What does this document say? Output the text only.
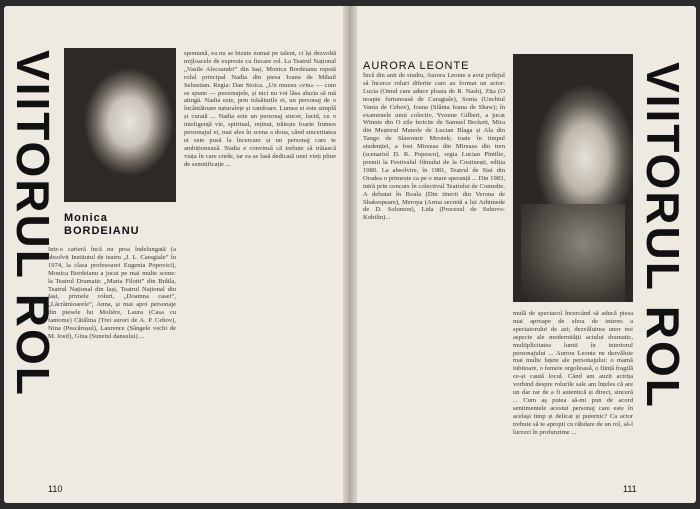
VIITORUL ROL Monica
BORDEIANU

Intr-o carieră încă nu prea îndelungată (a absolvit Institutul de teatru „I. L. Caragiale” în 1974, la clasa profesoarei Eugenia Popovici), Monica Bordeianu a jucat pe mai multe scene: la Teatrul Dramatic „Maria Filotti” din Brăila, Teatrul Național din Iași, Teatrul Național din Iași, primele roluri, „Doamna casei”, „Lăcrămioarele”, Anna, și mai apoi personaje din piesele lui Molière, Laura (Casa cu fantome) Cătălina (Trei surori de A. P. Cehov), Nina (Pescărușul), Laurence (Sângele vechi de M. Iosif), Gina (Sunetul dansului) ...

spontană, ea nu se bizuie numai pe talent, ci își dezvoltă mijloacele de expresie cu fiecare rol. La Teatrul Național „Vasile Alecsandri” din Iași, Monica Bordeianu repetă rolul principal Nadia din piesa Ioana de Mihail Sebastian. Regia: Dan Stoica. „Un muzeu «viu» — cum se spune — personajele, și nici nu voi lăsa aluzia să mă atingă. Nadia este, prin trăsăturile ei, un personaj de o încântătoare naturalețe și candoare. Lumea ei este simplă și curată ... Nadia este un personaj sincer, lucid, cu o inteligență vie, spiritual, reținut, trăiește foarte frumos personajul ei, mai ales în scena a doua, când sinceritatea ei este pusă la încercare și un personaj care te ambiționează. Nadia e convinsă că trebuie să trăiască viața în care crede, iar ea se lasă dedicată unei vieți pline de semnificație ...

110
AURORA LEONTE	VIITORUL ROL

Încă din anii de studiu, Aurora Leonte a avut prilejul să încerce roluri diferite care au format un actor: Lucia (Omul care aduce ploaia de R. Nash), Zița (O noapte furtunoasă de Caragiale), Sonia (Unchiul Vania de Cehov), Ioana (Sfânta Ioana de Shaw); în examenele unui colectiv, Yvonne Gilbert, a jucat Winnie din O zile fericite de Samuel Beckett, Mira din Meșterul Manole de Lucian Blaga și Ala din Tango de Sławomir Mrożek; toate în timpul studenției, a fost Mireasa din Mireasa din tren (scenariul D. R. Popescu), regia Lucian Pintilie, premii la Festivalul filmului de la Costinești, ediția 1980. La absolvire, în 1981, Teatrul de Stat din Oradea o primește ca pe o mare speranță ... Din 1983, intră prin concurs în colectivul Teatrului de Comedie. A debutat în Boala (Din tinerii din Verona de Shakespeare), Meropa (Arma secretă a lui Arhimede de D. Solomon), Lida (Procesul de Suhovo-Kobilin)...

mulă de spectacol încercând să aducă piesa mai aproape de sfera de interes a spectatorului de azi; dezvăluirea unor noi aspecte ale modernității actului dramatic, multiplicitatea lumii în interiorul personajului ... Aurora Leonte ne dezvăluie mai multe fațete ale personajului: o mamă iubitoare, o femeie orgolioasă, o ființă fragilă ce-și caută locul. Când am auzit actrița vorbind despre rolurile sale am înțeles că are un dar rar de a fi autentică și direct, sinceră ... Cum aș putea să-mi pun de acord sentimentele acestui personaj care este în același timp și delicat și puternic? Ca actor trebuie să te apropii cu răbdare de un rol, să-l lucrezi în profunzime ...

111
